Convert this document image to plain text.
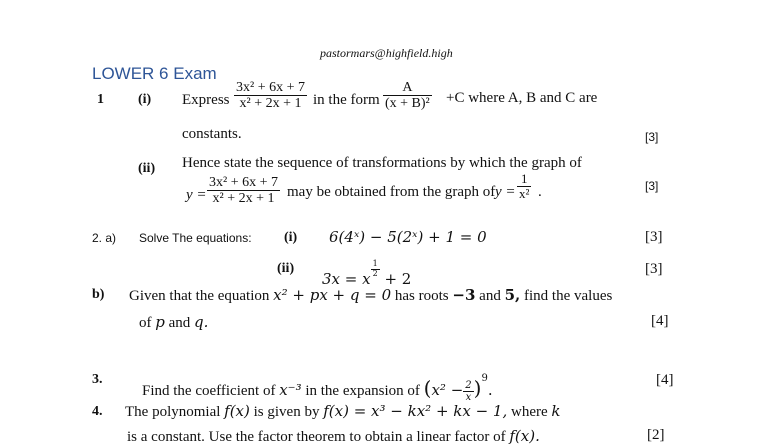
pastormars@highfield.high
LOWER 6 Exam
1 (i) Express $\frac{\text{3x² + 6x + 7}}{\text{x² + 2x + 1}}$ in the form $\frac{A}{\text{(x + B)²}} +C$ where A, B and C are
constants.	[3]
(ii) Hence state the sequence of transformations by which the graph of
$y = \frac{\text{3x² + 6x + 7}}{\text{x² + 2x + 1}}$ may be obtained from the graph of $y = \frac{1}{\text{x²}}$ .	[3]
2. a) Solve The equations: (i) 6(4ˣ) − 5(2ˣ) + 1 = 0	[3]
(ii)
3x = x
$\frac{1}{2}$
+ 2
[3]
b) Given that the equation x² + px + q = 0 has roots −3 and 5, find the values
of p and q.	[4]
3.
Find the coefficient of x⁻³ in the expansion of $(x^2 - \frac{2}{x} )^9$.
[4]
4. The polynomial f(x) is given by f(x) = x³ − kx² + kx − 1, where k
is a constant. Use the factor theorem to obtain a linear factor of f(x).	[2]
